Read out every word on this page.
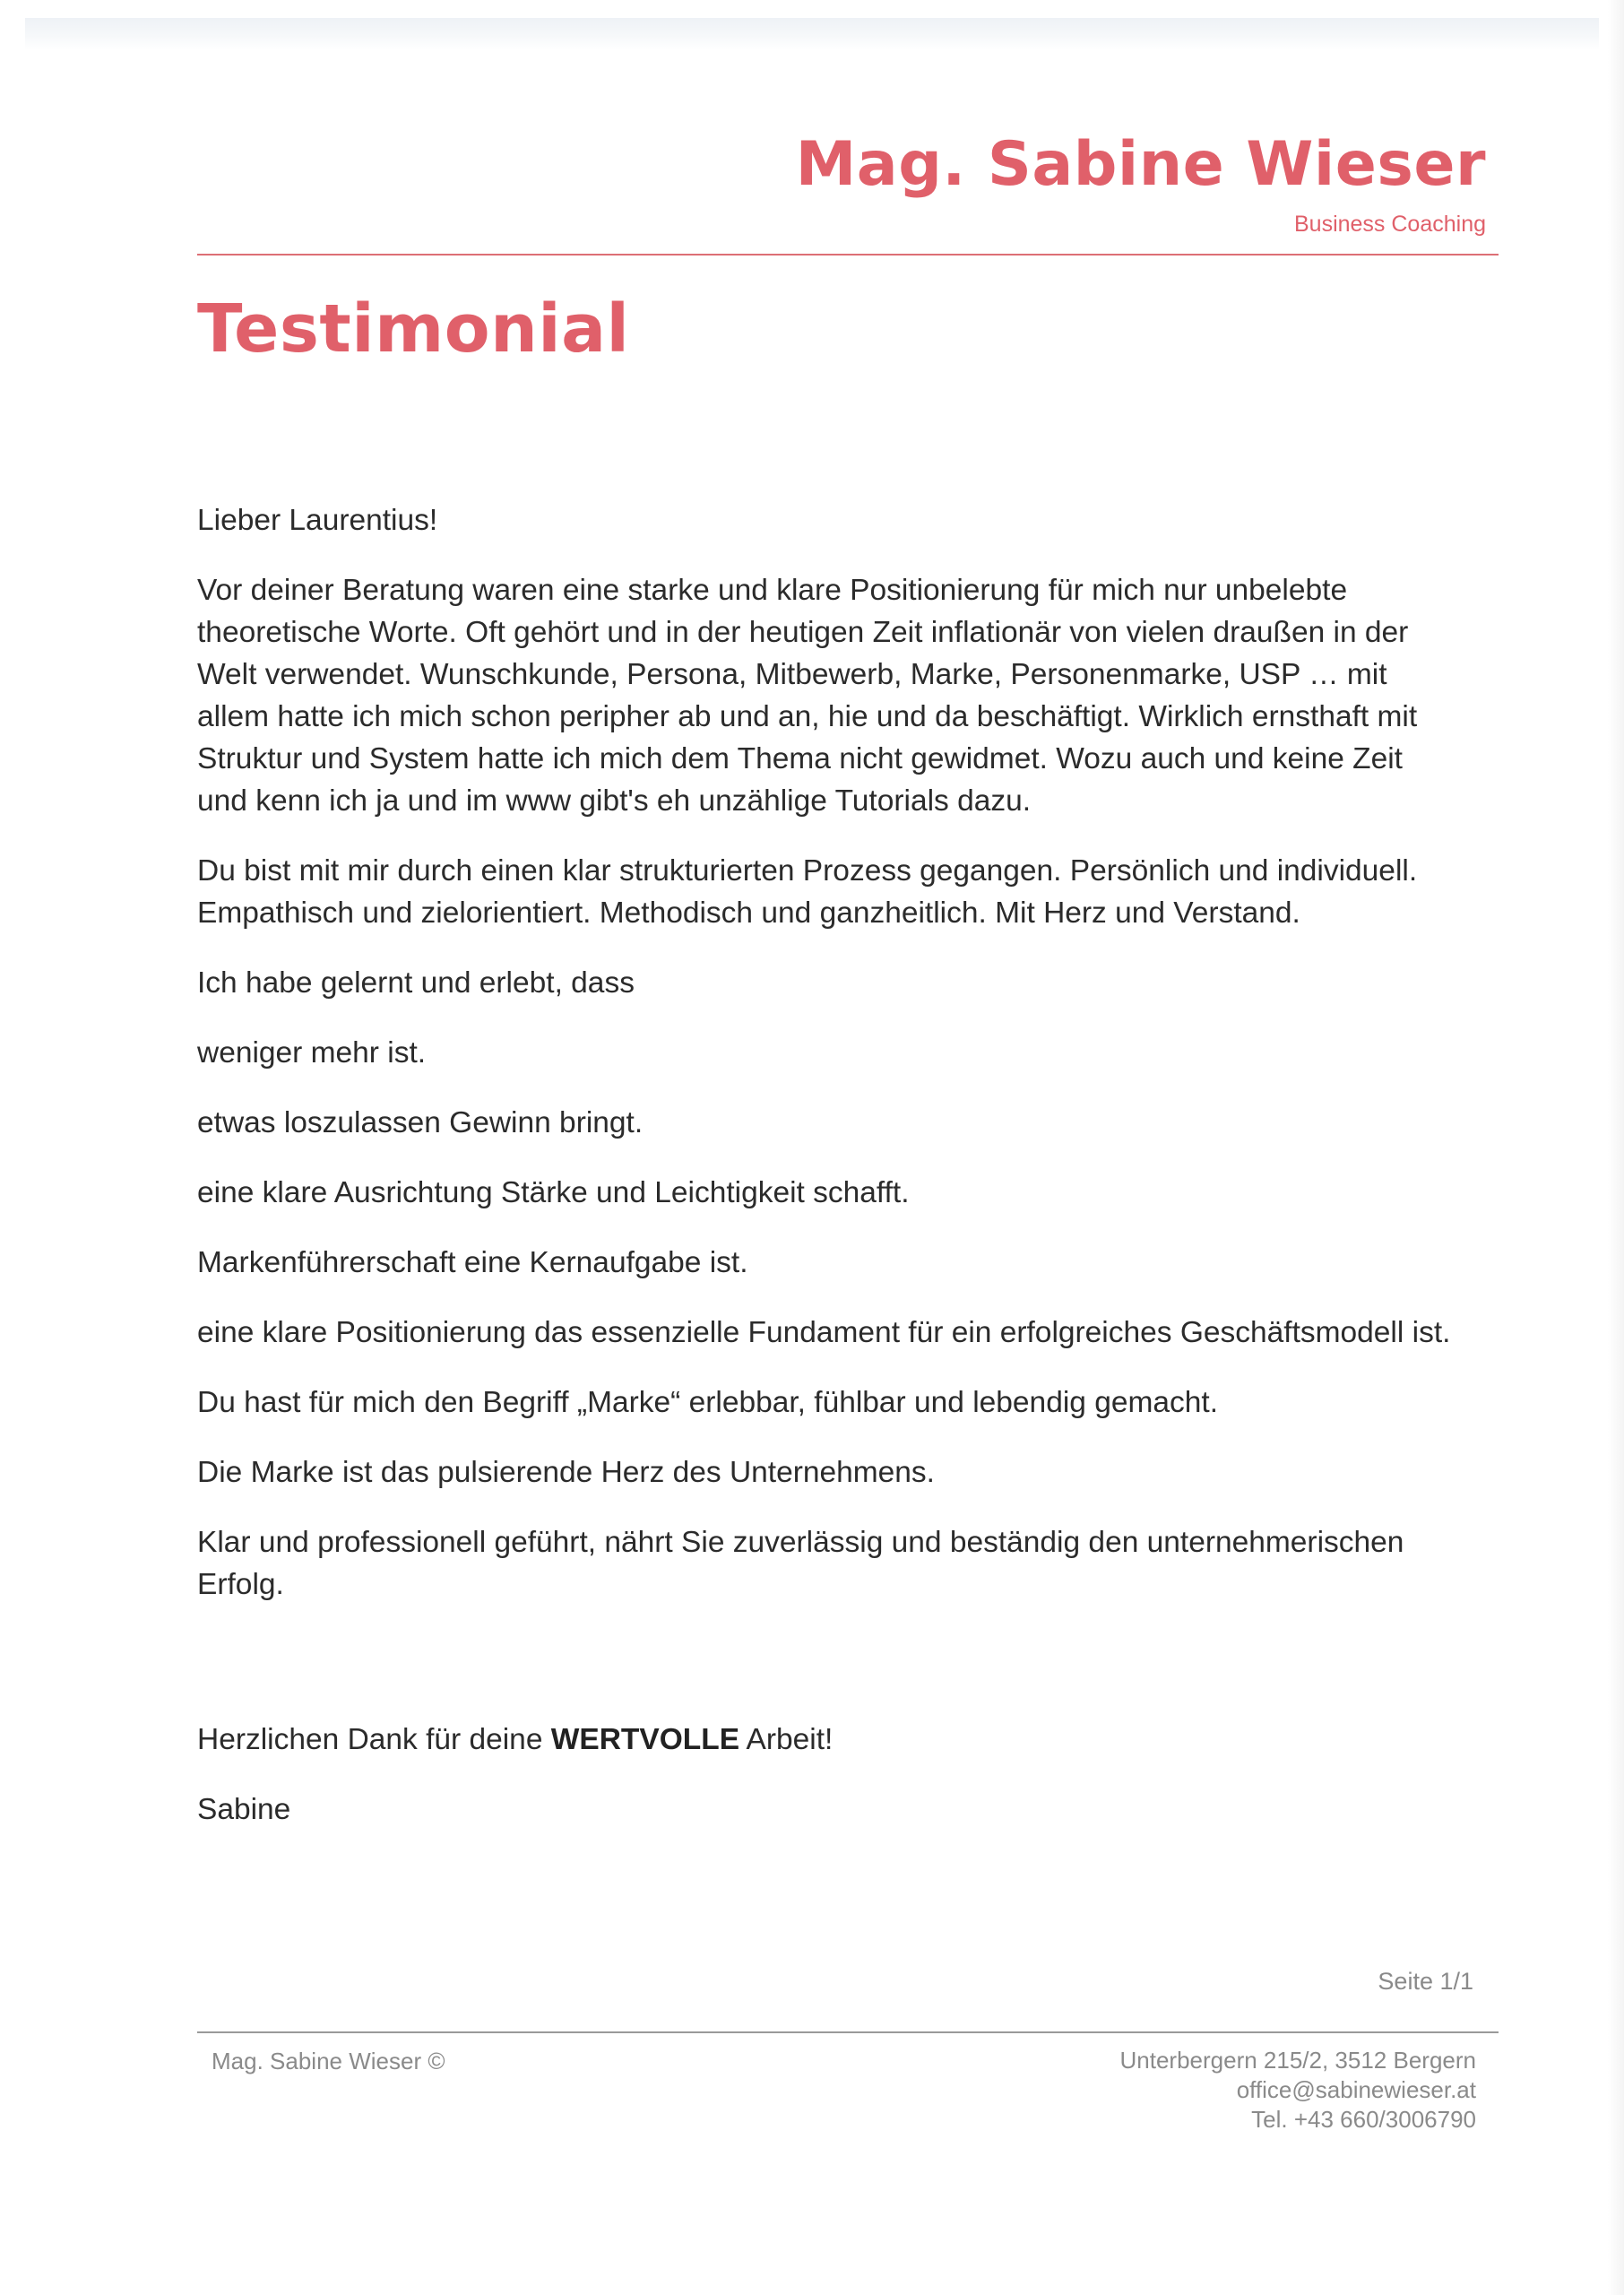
Mag. Sabine Wieser
Business Coaching
Testimonial

Lieber Laurentius!

Vor deiner Beratung waren eine starke und klare Positionierung für mich nur unbelebte theoretische Worte. Oft gehört und in der heutigen Zeit inflationär von vielen draußen in der Welt verwendet. Wunschkunde, Persona, Mitbewerb, Marke, Personenmarke, USP … mit allem hatte ich mich schon peripher ab und an, hie und da beschäftigt. Wirklich ernsthaft mit Struktur und System hatte ich mich dem Thema nicht gewidmet. Wozu auch und keine Zeit und kenn ich ja und im www gibt's eh unzählige Tutorials dazu.

Du bist mit mir durch einen klar strukturierten Prozess gegangen. Persönlich und individuell. Empathisch und zielorientiert. Methodisch und ganzheitlich. Mit Herz und Verstand.

Ich habe gelernt und erlebt, dass

weniger mehr ist.

etwas loszulassen Gewinn bringt.

eine klare Ausrichtung Stärke und Leichtigkeit schafft.

Markenführerschaft eine Kernaufgabe ist.

eine klare Positionierung das essenzielle Fundament für ein erfolgreiches Geschäftsmodell ist.

Du hast für mich den Begriff „Marke“ erlebbar, fühlbar und lebendig gemacht.

Die Marke ist das pulsierende Herz des Unternehmens.

Klar und professionell geführt, nährt Sie zuverlässig und beständig den unternehmerischen Erfolg.

Herzlichen Dank für deine WERTVOLLE Arbeit!

Sabine

Seite 1/1
Mag. Sabine Wieser ©	Unterbergern 215/2, 3512 Bergern
office@sabinewieser.at
Tel. +43 660/3006790
